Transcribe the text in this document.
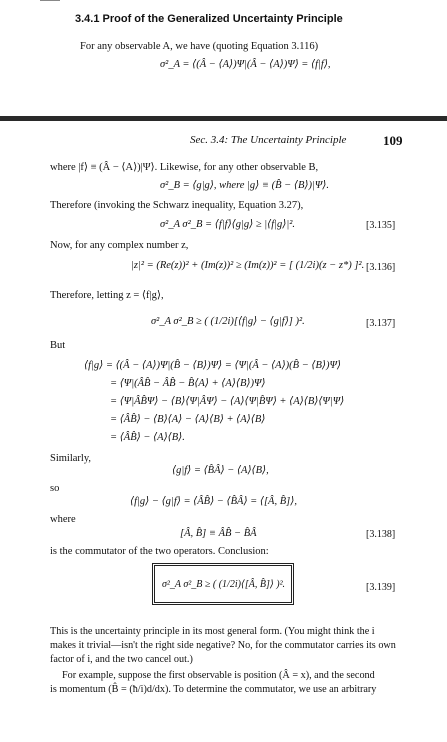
3.4.1 Proof of the Generalized Uncertainty Principle
For any observable A, we have (quoting Equation 3.116)
σ²_A = ⟨(Â − ⟨A⟩)Ψ|(Â − ⟨A⟩)Ψ⟩ = ⟨f|f⟩,
Sec. 3.4: The Uncertainty Principle	109
where |f⟩ ≡ (Â − ⟨A⟩)|Ψ⟩. Likewise, for any other observable B,
σ²_B = ⟨g|g⟩, where |g⟩ ≡ (B̂ − ⟨B⟩)|Ψ⟩.
Therefore (invoking the Schwarz inequality, Equation 3.27),
σ²_A σ²_B = ⟨f|f⟩⟨g|g⟩ ≥ |⟨f|g⟩|².	[3.135]
Now, for any complex number z,
|z|² = (Re(z))² + (Im(z))² ≥ (Im(z))² = [ (1/2i)(z − z*) ]². [3.136]
Therefore, letting z = ⟨f|g⟩,
σ²_A σ²_B ≥ ( (1/2i)[⟨f|g⟩ − ⟨g|f⟩] )².	[3.137]
But
⟨f|g⟩ = ⟨(Â − ⟨A⟩)Ψ|(B̂ − ⟨B⟩)Ψ⟩ = ⟨Ψ|(Â − ⟨A⟩)(B̂ − ⟨B⟩)Ψ⟩
= ⟨Ψ|(ÂB̂ − ÂB̂ − B̂⟨A⟩ + ⟨A⟩⟨B⟩)Ψ⟩
= ⟨Ψ|ÂB̂Ψ⟩ − ⟨B⟩⟨Ψ|ÂΨ⟩ − ⟨A⟩⟨Ψ|B̂Ψ⟩ + ⟨A⟩⟨B⟩⟨Ψ|Ψ⟩
= ⟨ÂB̂⟩ − ⟨B⟩⟨A⟩ − ⟨A⟩⟨B⟩ + ⟨A⟩⟨B⟩
= ⟨ÂB̂⟩ − ⟨A⟩⟨B⟩.
Similarly,
⟨g|f⟩ = ⟨B̂Â⟩ − ⟨A⟩⟨B⟩,
so
⟨f|g⟩ − ⟨g|f⟩ = ⟨ÂB̂⟩ − ⟨B̂Â⟩ = ⟨[Â, B̂]⟩,
where
[Â, B̂] ≡ ÂB̂ − B̂Â	[3.138]
is the commutator of the two operators. Conclusion:
σ²_A σ²_B ≥ ( (1/2i)⟨[Â, B̂]⟩ )².	[3.139]
This is the uncertainty principle in its most general form. (You might think the i
makes it trivial—isn't the right side negative? No, for the commutator carries its own
factor of i, and the two cancel out.)
For example, suppose the first observable is position (Â = x), and the second
is momentum (B̂ = (ħ/i)d/dx). To determine the commutator, we use an arbitrary
